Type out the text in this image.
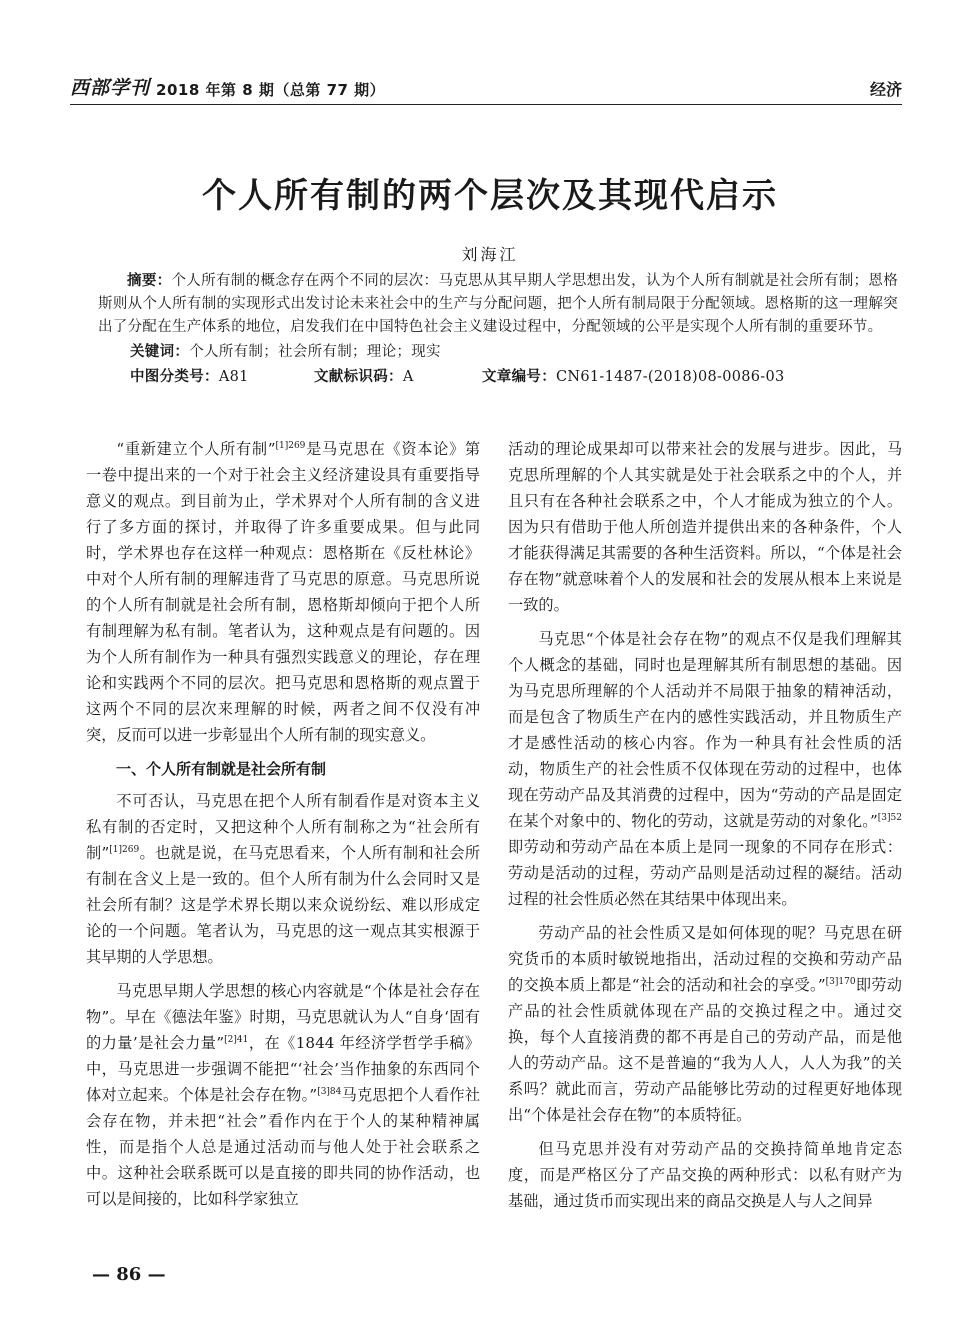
西部学刊 2018 年第 8 期（总第 77 期）	经济
个人所有制的两个层次及其现代启示
刘海江

摘要：个人所有制的概念存在两个不同的层次：马克思从其早期人学思想出发，认为个人所有制就是社会所有制；恩格斯则从个人所有制的实现形式出发讨论未来社会中的生产与分配问题，把个人所有制局限于分配领域。恩格斯的这一理解突出了分配在生产体系的地位，启发我们在中国特色社会主义建设过程中，分配领域的公平是实现个人所有制的重要环节。

关键词：个人所有制；社会所有制；理论；现实
中图分类号：A81	文献标识码：A	文章编号：CN61-1487-(2018)08-0086-03

“重新建立个人所有制”$^{[1]269}$是马克思在《资本论》第一卷中提出来的一个对于社会主义经济建设具有重要指导意义的观点。到目前为止，学术界对个人所有制的含义进行了多方面的探讨，并取得了许多重要成果。但与此同时，学术界也存在这样一种观点：恩格斯在《反杜林论》中对个人所有制的理解违背了马克思的原意。马克思所说的个人所有制就是社会所有制，恩格斯却倾向于把个人所有制理解为私有制。笔者认为，这种观点是有问题的。因为个人所有制作为一种具有强烈实践意义的理论，存在理论和实践两个不同的层次。把马克思和恩格斯的观点置于这两个不同的层次来理解的时候，两者之间不仅没有冲突，反而可以进一步彰显出个人所有制的现实意义。

一、个人所有制就是社会所有制

不可否认，马克思在把个人所有制看作是对资本主义私有制的否定时，又把这种个人所有制称之为“社会所有制”$^{[1]269}$。也就是说，在马克思看来，个人所有制和社会所有制在含义上是一致的。但个人所有制为什么会同时又是社会所有制？这是学术界长期以来众说纷纭、难以形成定论的一个问题。笔者认为，马克思的这一观点其实根源于其早期的人学思想。

马克思早期人学思想的核心内容就是“个体是社会存在物”。早在《德法年鉴》时期，马克思就认为人“自身‘固有的力量’是社会力量”$^{[2]41}$，在《1844 年经济学哲学手稿》中，马克思进一步强调不能把“‘社会’当作抽象的东西同个体对立起来。个体是社会存在物。”$^{[3]84}$马克思把个人看作社会存在物，并未把“社会”看作内在于个人的某种精神属性，而是指个人总是通过活动而与他人处于社会联系之中。这种社会联系既可以是直接的即共同的协作活动，也可以是间接的，比如科学家独立

活动的理论成果却可以带来社会的发展与进步。因此，马克思所理解的个人其实就是处于社会联系之中的个人，并且只有在各种社会联系之中，个人才能成为独立的个人。因为只有借助于他人所创造并提供出来的各种条件，个人才能获得满足其需要的各种生活资料。所以，“个体是社会存在物”就意味着个人的发展和社会的发展从根本上来说是一致的。

马克思“个体是社会存在物”的观点不仅是我们理解其个人概念的基础，同时也是理解其所有制思想的基础。因为马克思所理解的个人活动并不局限于抽象的精神活动，而是包含了物质生产在内的感性实践活动，并且物质生产才是感性活动的核心内容。作为一种具有社会性质的活动，物质生产的社会性质不仅体现在劳动的过程中，也体现在劳动产品及其消费的过程中，因为“劳动的产品是固定在某个对象中的、物化的劳动，这就是劳动的对象化。”$^{[3]52}$即劳动和劳动产品在本质上是同一现象的不同存在形式：劳动是活动的过程，劳动产品则是活动过程的凝结。活动过程的社会性质必然在其结果中体现出来。

劳动产品的社会性质又是如何体现的呢？马克思在研究货币的本质时敏锐地指出，活动过程的交换和劳动产品的交换本质上都是“社会的活动和社会的享受。”$^{[3]170}$即劳动产品的社会性质就体现在产品的交换过程之中。通过交换，每个人直接消费的都不再是自己的劳动产品，而是他人的劳动产品。这不是普遍的“我为人人，人人为我”的关系吗？就此而言，劳动产品能够比劳动的过程更好地体现出“个体是社会存在物”的本质特征。

但马克思并没有对劳动产品的交换持简单地肯定态度，而是严格区分了产品交换的两种形式：以私有财产为基础，通过货币而实现出来的商品交换是人与人之间异

— 86 —
